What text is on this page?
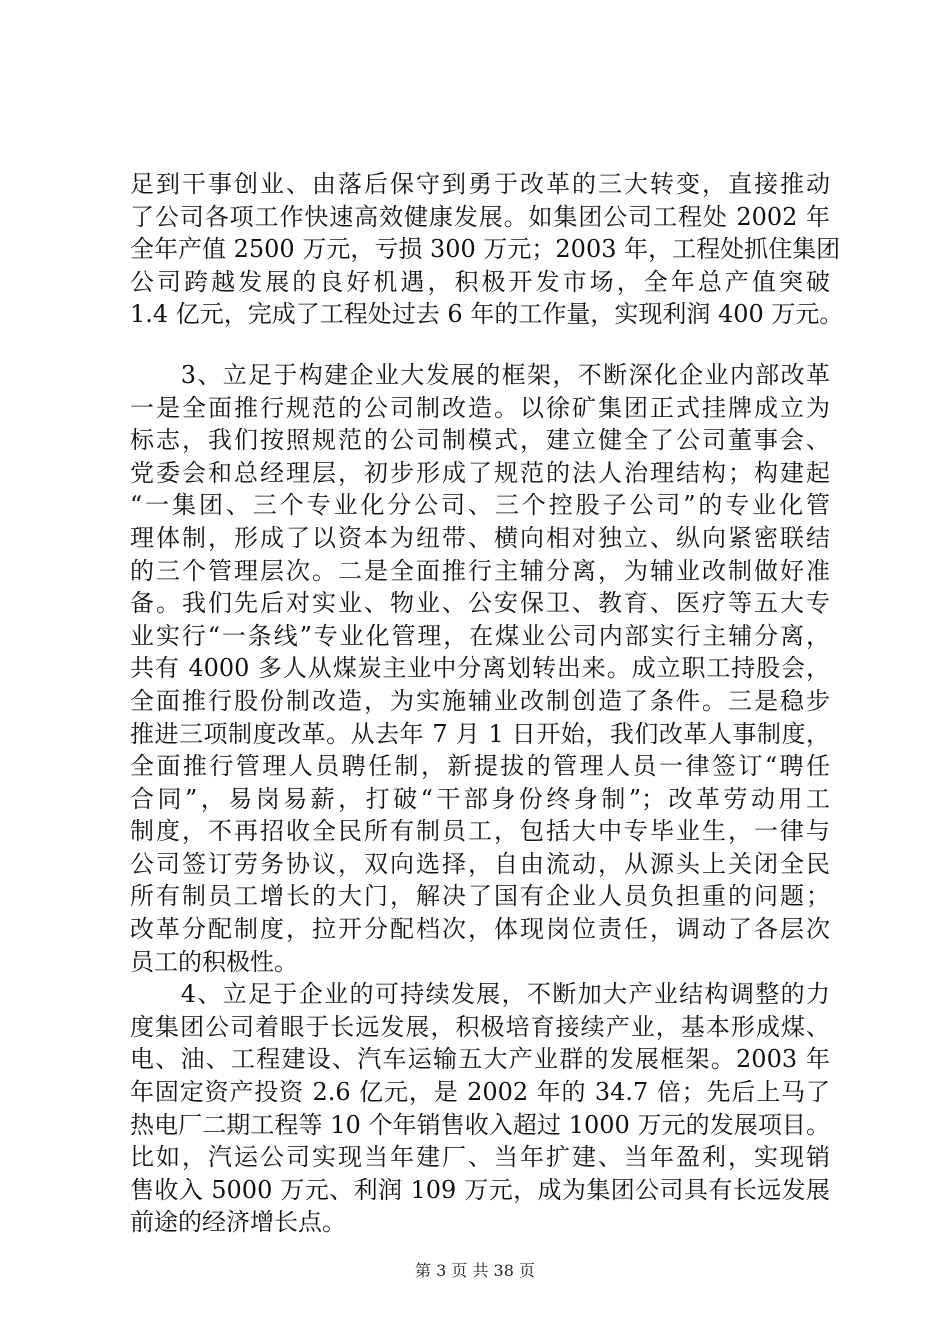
足到干事创业、由落后保守到勇于改革的三大转变，直接推动
了公司各项工作快速高效健康发展。如集团公司工程处 2002 年
全年产值 2500 万元，亏损 300 万元；2003 年，工程处抓住集团
公司跨越发展的良好机遇，积极开发市场，全年总产值突破
1.4 亿元，完成了工程处过去 6 年的工作量，实现利润 400 万元。
　　3、立足于构建企业大发展的框架，不断深化企业内部改革
一是全面推行规范的公司制改造。以徐矿集团正式挂牌成立为
标志，我们按照规范的公司制模式，建立健全了公司董事会、
党委会和总经理层，初步形成了规范的法人治理结构；构建起
“一集团、三个专业化分公司、三个控股子公司”的专业化管
理体制，形成了以资本为纽带、横向相对独立、纵向紧密联结
的三个管理层次。二是全面推行主辅分离，为辅业改制做好准
备。我们先后对实业、物业、公安保卫、教育、医疗等五大专
业实行“一条线”专业化管理，在煤业公司内部实行主辅分离，
共有 4000 多人从煤炭主业中分离划转出来。成立职工持股会，
全面推行股份制改造，为实施辅业改制创造了条件。三是稳步
推进三项制度改革。从去年 7 月 1 日开始，我们改革人事制度，
全面推行管理人员聘任制，新提拔的管理人员一律签订“聘任
合同”，易岗易薪，打破“干部身份终身制”；改革劳动用工
制度，不再招收全民所有制员工，包括大中专毕业生，一律与
公司签订劳务协议，双向选择，自由流动，从源头上关闭全民
所有制员工增长的大门，解决了国有企业人员负担重的问题；
改革分配制度，拉开分配档次，体现岗位责任，调动了各层次
员工的积极性。
　　4、立足于企业的可持续发展，不断加大产业结构调整的力
度集团公司着眼于长远发展，积极培育接续产业，基本形成煤、
电、油、工程建设、汽车运输五大产业群的发展框架。2003 年
年固定资产投资 2.6 亿元，是 2002 年的 34.7 倍；先后上马了
热电厂二期工程等 10 个年销售收入超过 1000 万元的发展项目。
比如，汽运公司实现当年建厂、当年扩建、当年盈利，实现销
售收入 5000 万元、利润 109 万元，成为集团公司具有长远发展
前途的经济增长点。
第 3 页 共 38 页
